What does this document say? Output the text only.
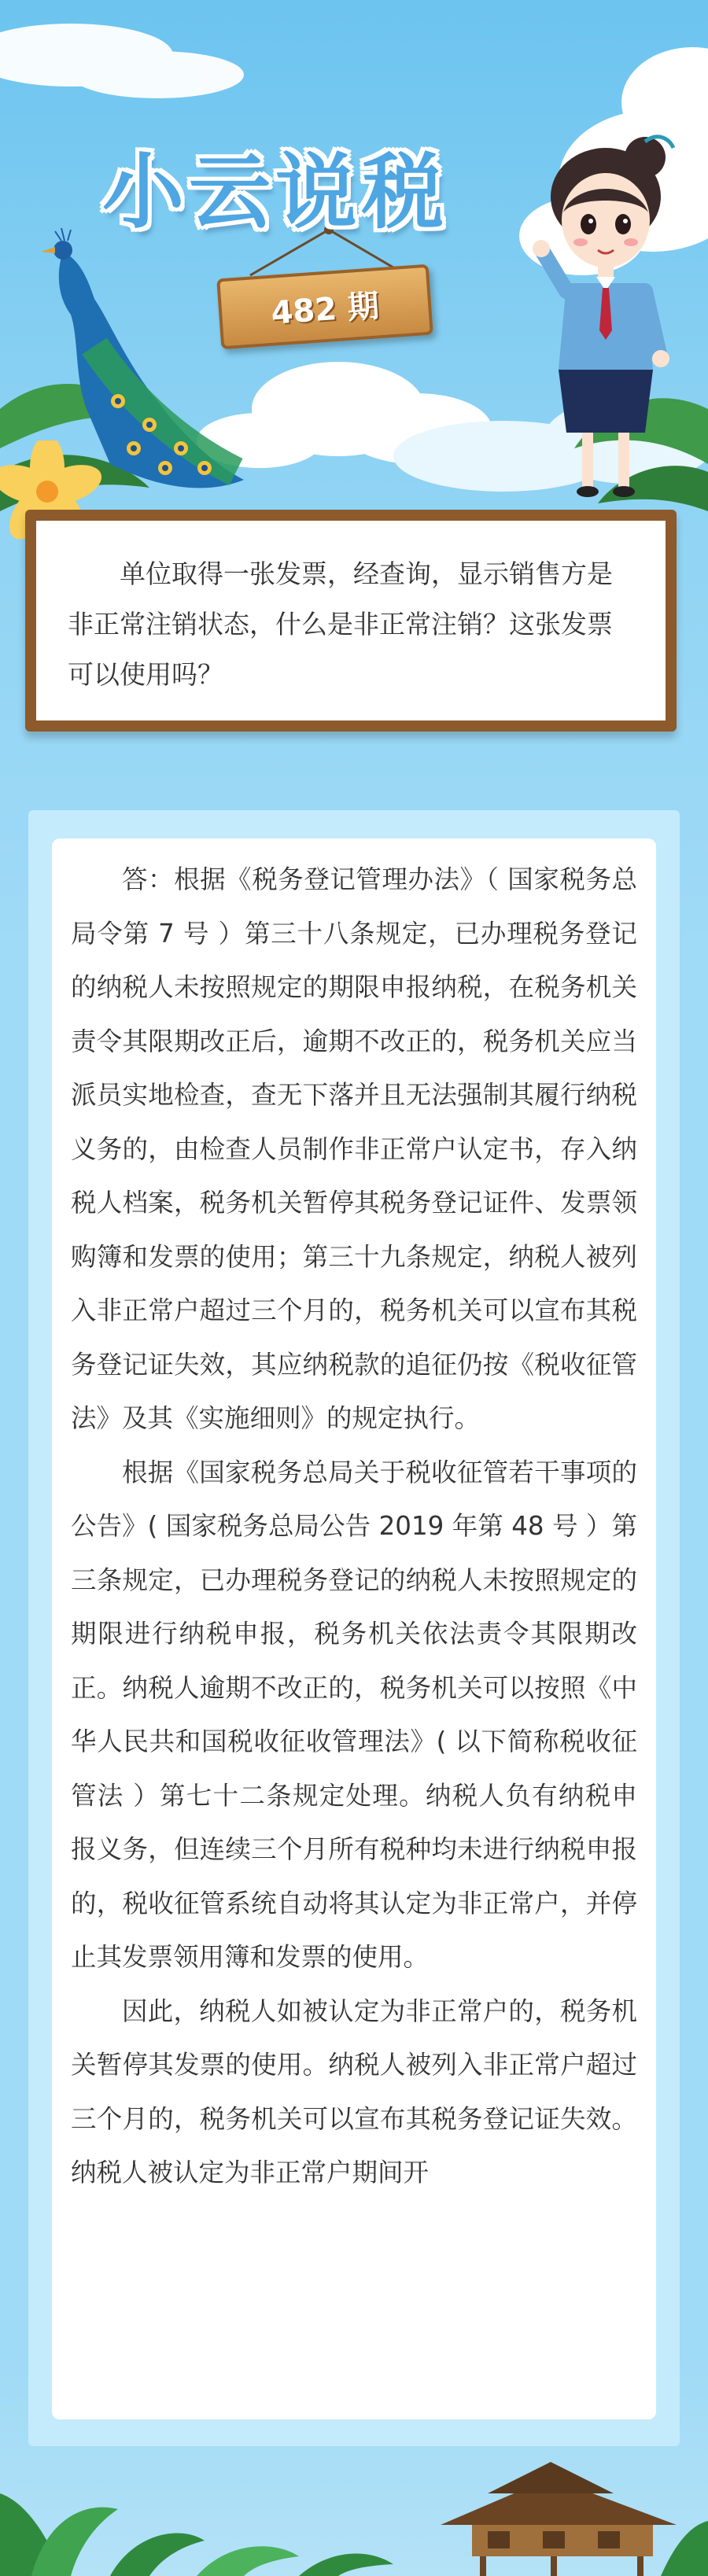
小云说税
482 期

单位取得一张发票，经查询，显示销售方是非正常注销状态，什么是非正常注销？这张发票可以使用吗？

答：根据《税务登记管理办法》（ 国家税务总局令第 7 号 ）第三十八条规定，已办理税务登记的纳税人未按照规定的期限申报纳税，在税务机关责令其限期改正后，逾期不改正的，税务机关应当派员实地检查，查无下落并且无法强制其履行纳税义务的，由检查人员制作非正常户认定书，存入纳税人档案，税务机关暂停其税务登记证件、发票领购簿和发票的使用；第三十九条规定，纳税人被列入非正常户超过三个月的，税务机关可以宣布其税务登记证失效，其应纳税款的追征仍按《税收征管法》及其《实施细则》的规定执行。

根据《国家税务总局关于税收征管若干事项的公告》( 国家税务总局公告 2019 年第 48 号 ）第三条规定，已办理税务登记的纳税人未按照规定的期限进行纳税申报，税务机关依法责令其限期改正。纳税人逾期不改正的，税务机关可以按照《中华人民共和国税收征收管理法》( 以下简称税收征管法 ）第七十二条规定处理。纳税人负有纳税申报义务，但连续三个月所有税种均未进行纳税申报的，税收征管系统自动将其认定为非正常户，并停止其发票领用簿和发票的使用。

因此，纳税人如被认定为非正常户的，税务机关暂停其发票的使用。纳税人被列入非正常户超过三个月的，税务机关可以宣布其税务登记证失效。纳税人被认定为非正常户期间开
